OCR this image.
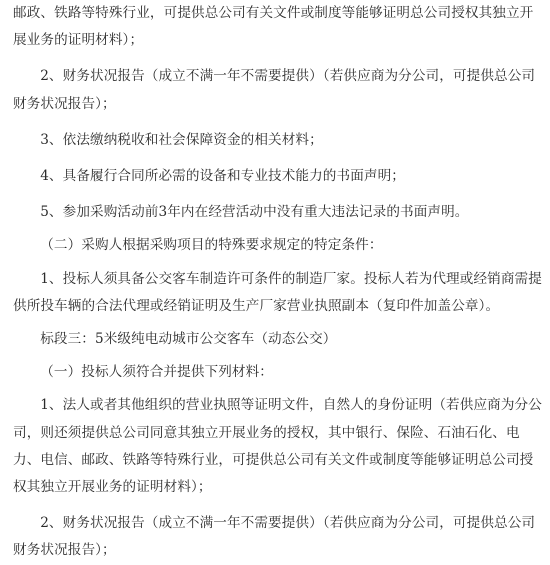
邮政、铁路等特殊行业，可提供总公司有关文件或制度等能够证明总公司授权其独立开展业务的证明材料）；

2、财务状况报告（成立不满一年不需要提供）（若供应商为分公司，可提供总公司财务状况报告）；

3、依法缴纳税收和社会保障资金的相关材料；

4、具备履行合同所必需的设备和专业技术能力的书面声明；

5、参加采购活动前3年内在经营活动中没有重大违法记录的书面声明。

（二）采购人根据采购项目的特殊要求规定的特定条件：

1、投标人须具备公交客车制造许可条件的制造厂家。投标人若为代理或经销商需提供所投车辆的合法代理或经销证明及生产厂家营业执照副本（复印件加盖公章）。

标段三：5米级纯电动城市公交客车（动态公交）

（一）投标人须符合并提供下列材料：

1、法人或者其他组织的营业执照等证明文件，自然人的身份证明（若供应商为分公司，则还须提供总公司同意其独立开展业务的授权，其中银行、保险、石油石化、电力、电信、邮政、铁路等特殊行业，可提供总公司有关文件或制度等能够证明总公司授权其独立开展业务的证明材料）；

2、财务状况报告（成立不满一年不需要提供）（若供应商为分公司，可提供总公司财务状况报告）；
